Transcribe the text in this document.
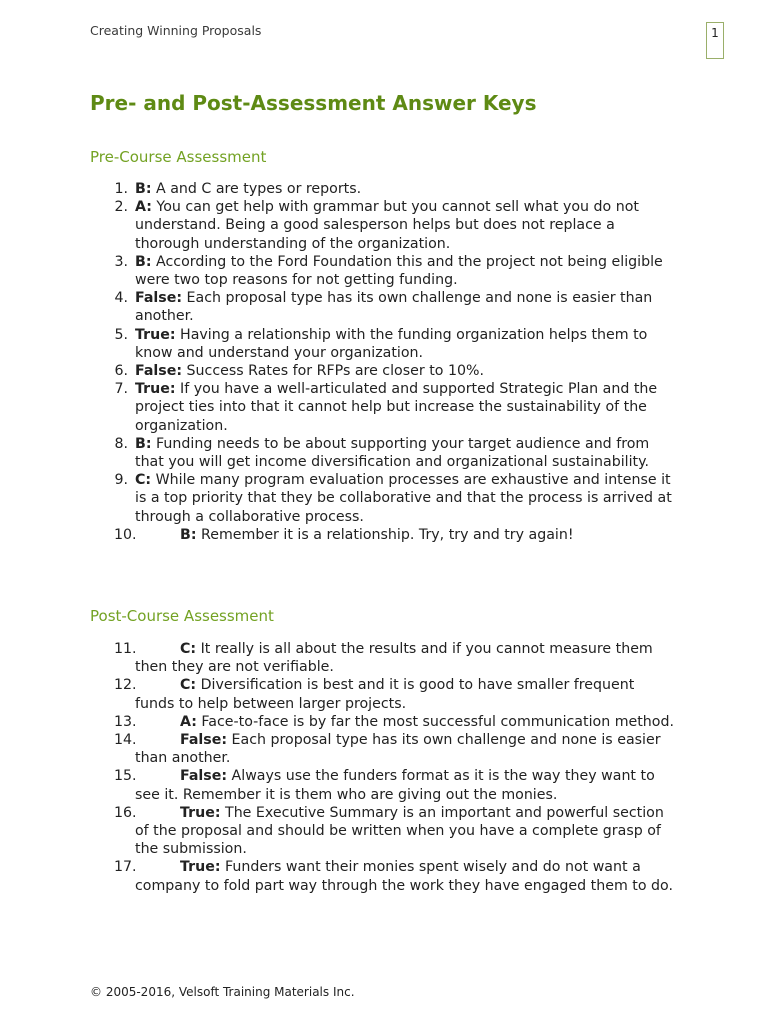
Creating Winning Proposals	1
Pre- and Post-Assessment Answer Keys
Pre-Course Assessment
1. B: A and C are types or reports.
2. A: You can get help with grammar but you cannot sell what you do not understand. Being a good salesperson helps but does not replace a thorough understanding of the organization.
3. B: According to the Ford Foundation this and the project not being eligible were two top reasons for not getting funding.
4. False: Each proposal type has its own challenge and none is easier than another.
5. True: Having a relationship with the funding organization helps them to know and understand your organization.
6. False: Success Rates for RFPs are closer to 10%.
7. True: If you have a well-articulated and supported Strategic Plan and the project ties into that it cannot help but increase the sustainability of the organization.
8. B: Funding needs to be about supporting your target audience and from that you will get income diversification and organizational sustainability.
9. C: While many program evaluation processes are exhaustive and intense it is a top priority that they be collaborative and that the process is arrived at through a collaborative process.
10.	B: Remember it is a relationship. Try, try and try again!
Post-Course Assessment
11.	C: It really is all about the results and if you cannot measure them then they are not verifiable.
12.	C: Diversification is best and it is good to have smaller frequent funds to help between larger projects.
13.	A: Face-to-face is by far the most successful communication method.
14.	False: Each proposal type has its own challenge and none is easier than another.
15.	False: Always use the funders format as it is the way they want to see it. Remember it is them who are giving out the monies.
16.	True: The Executive Summary is an important and powerful section of the proposal and should be written when you have a complete grasp of the submission.
17.	True: Funders want their monies spent wisely and do not want a company to fold part way through the work they have engaged them to do.
© 2005-2016, Velsoft Training Materials Inc.
